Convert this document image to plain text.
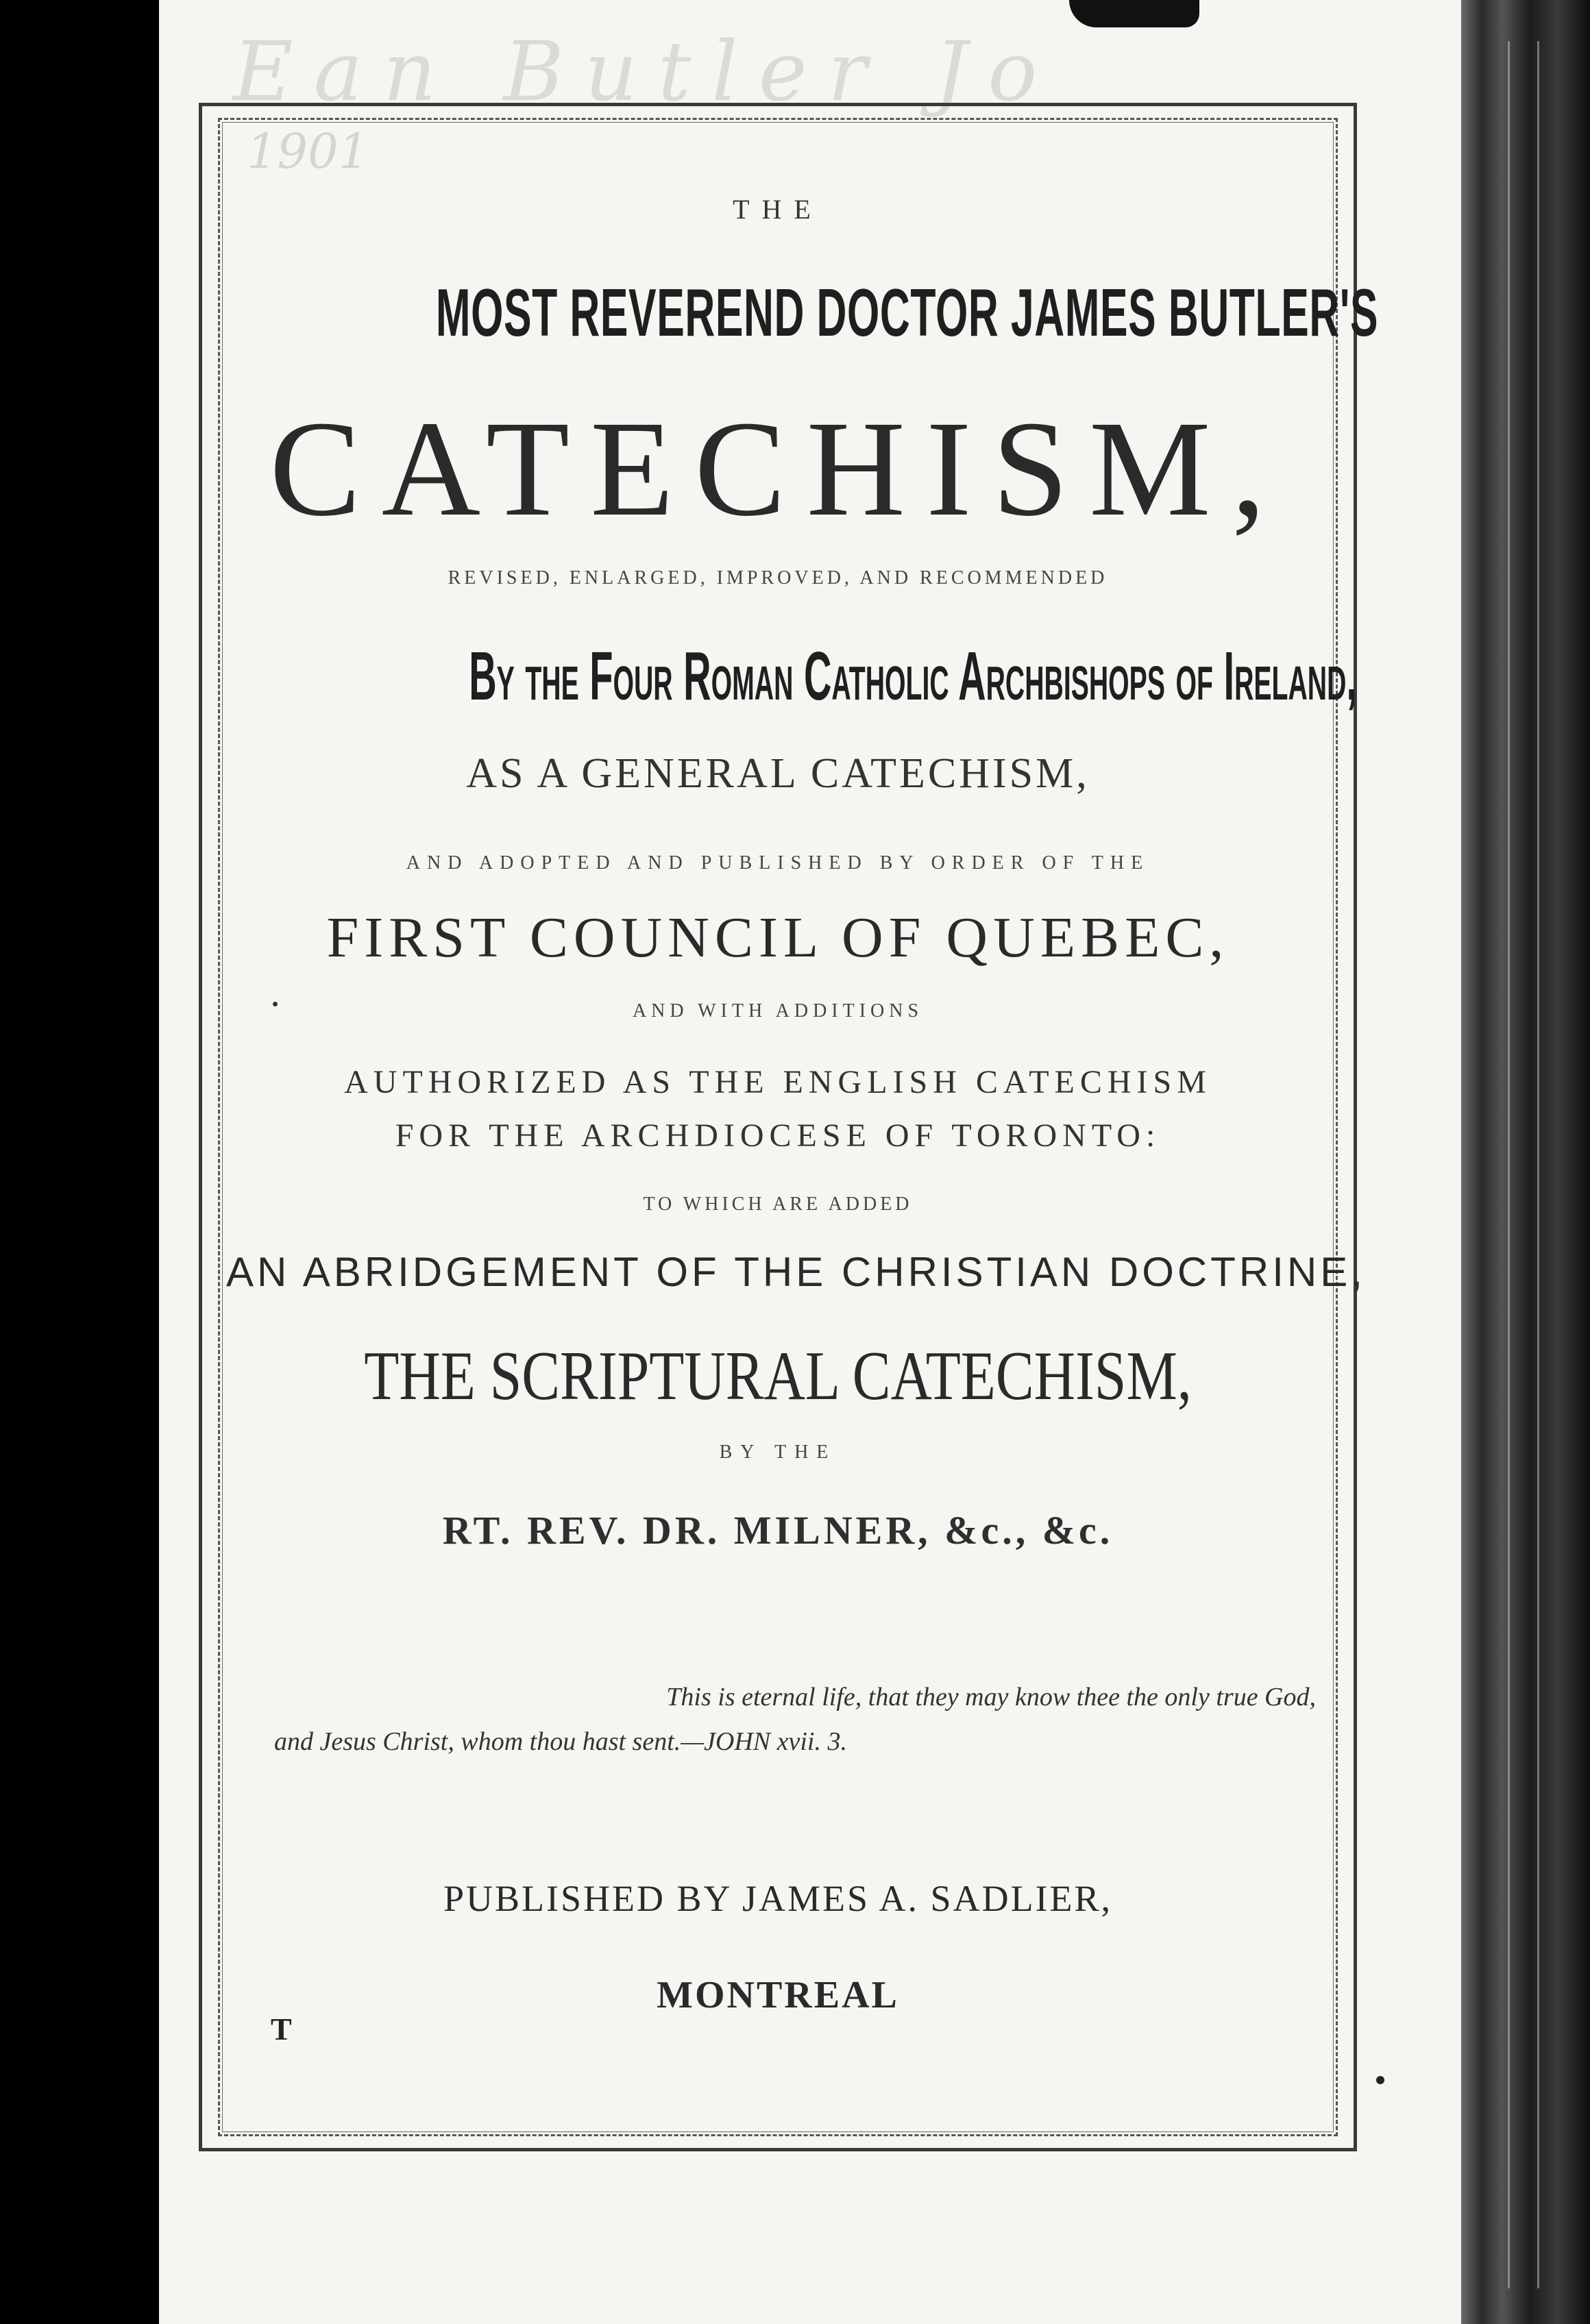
Ean Butler Jo
1901
THE
MOST REVEREND DOCTOR JAMES BUTLER'S
CATECHISM,
REVISED, ENLARGED, IMPROVED, AND RECOMMENDED
By the Four Roman Catholic Archbishops of Ireland,
AS A GENERAL CATECHISM,
AND ADOPTED AND PUBLISHED BY ORDER OF THE
FIRST COUNCIL OF QUEBEC,
AND WITH ADDITIONS
AUTHORIZED AS THE ENGLISH CATECHISM
FOR THE ARCHDIOCESE OF TORONTO:
TO WHICH ARE ADDED
AN ABRIDGEMENT OF THE CHRISTIAN DOCTRINE,
THE SCRIPTURAL CATECHISM,
BY THE
RT. REV. DR. MILNER, &c., &c.
This is eternal life, that they may know thee the only true God,
and Jesus Christ, whom thou hast sent.—JOHN xvii. 3.
PUBLISHED BY JAMES A. SADLIER,
MONTREAL
T
